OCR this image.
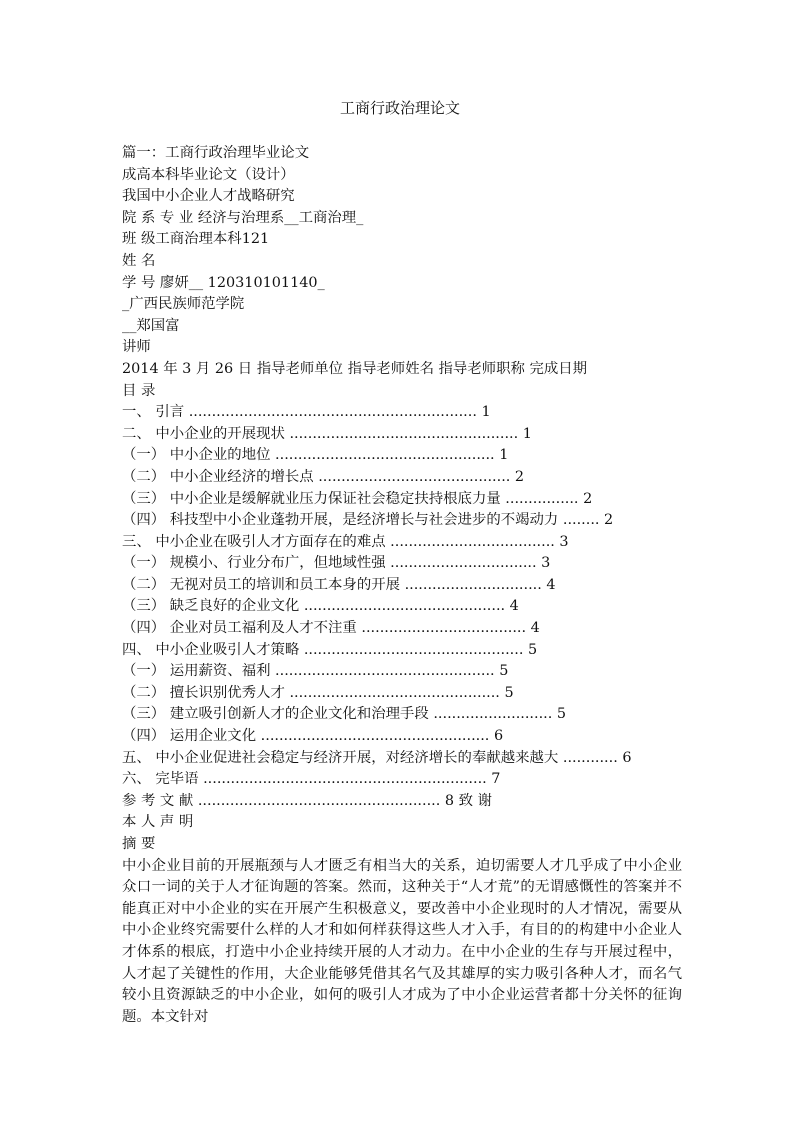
工商行政治理论文
篇一：工商行政治理毕业论文
成高本科毕业论文（设计）
我国中小企业人才战略研究
院 系 专 业 经济与治理系__工商治理_
班 级工商治理本科121
姓 名
学 号 廖妍__ 120310101140_
_广西民族师范学院
__郑国富
讲师
2014 年 3 月 26 日 指导老师单位 指导老师姓名 指导老师职称 完成日期
目 录
一、 引言 ............................................................... 1
二、 中小企业的开展现状 .................................................. 1
（一） 中小企业的地位 ................................................ 1
（二） 中小企业经济的增长点 .......................................... 2
（三） 中小企业是缓解就业压力保证社会稳定扶持根底力量 ................ 2
（四） 科技型中小企业蓬勃开展，是经济增长与社会进步的不竭动力 ........ 2
三、 中小企业在吸引人才方面存在的难点 .................................... 3
（一） 规模小、行业分布广，但地域性强 ................................ 3
（二） 无视对员工的培训和员工本身的开展 .............................. 4
（三） 缺乏良好的企业文化 ............................................ 4
（四） 企业对员工福利及人才不注重 .................................... 4
四、 中小企业吸引人才策略 ................................................ 5
（一） 运用薪资、福利 ................................................ 5
（二） 擅长识别优秀人才 .............................................. 5
（三） 建立吸引创新人才的企业文化和治理手段 .......................... 5
（四） 运用企业文化 .................................................. 6
五、 中小企业促进社会稳定与经济开展，对经济增长的奉献越来越大 ............ 6
六、 完毕语 .............................................................. 7
参 考 文 献 ..................................................... 8 致 谢
本 人 声 明
摘 要
中小企业目前的开展瓶颈与人才匮乏有相当大的关系，迫切需要人才几乎成了中小企业众口一词的关于人才征询题的答案。然而，这种关于“人才荒”的无谓感慨性的答案并不能真正对中小企业的实在开展产生积极意义，要改善中小企业现时的人才情况，需要从中小企业终究需要什么样的人才和如何样获得这些人才入手，有目的的构建中小企业人才体系的根底，打造中小企业持续开展的人才动力。在中小企业的生存与开展过程中，人才起了关键性的作用，大企业能够凭借其名气及其雄厚的实力吸引各种人才，而名气较小且资源缺乏的中小企业，如何的吸引人才成为了中小企业运营者都十分关怀的征询题。本文针对
